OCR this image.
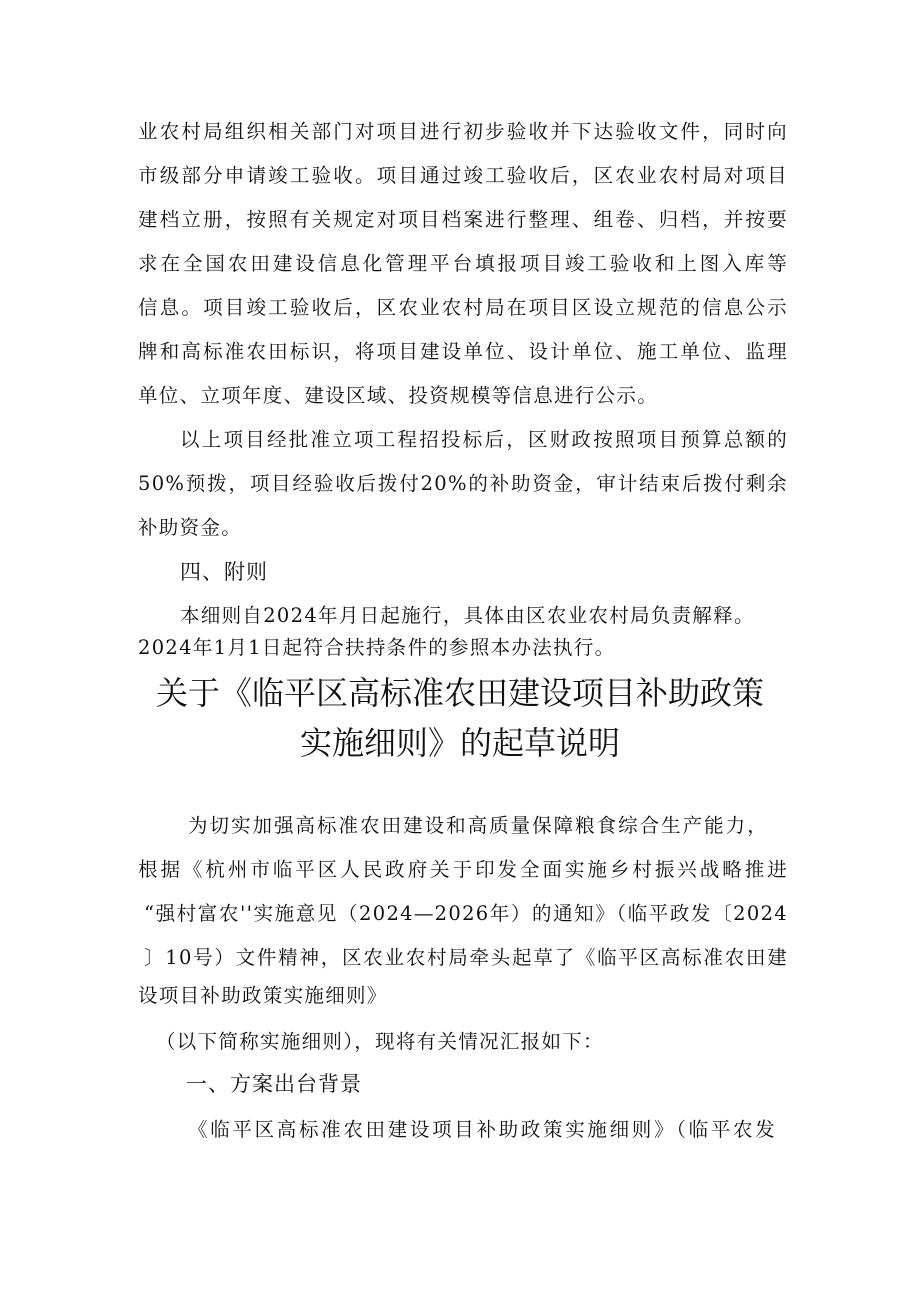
业农村局组织相关部门对项目进行初步验收并下达验收文件，同时向
市级部分申请竣工验收。项目通过竣工验收后，区农业农村局对项目
建档立册，按照有关规定对项目档案进行整理、组卷、归档，并按要
求在全国农田建设信息化管理平台填报项目竣工验收和上图入库等
信息。项目竣工验收后，区农业农村局在项目区设立规范的信息公示
牌和高标准农田标识，将项目建设单位、设计单位、施工单位、监理
单位、立项年度、建设区域、投资规模等信息进行公示。
以上项目经批准立项工程招投标后，区财政按照项目预算总额的
50%预拨，项目经验收后拨付20%的补助资金，审计结束后拨付剩余
补助资金。
四、附则
本细则自2024年月日起施行，具体由区农业农村局负责解释。
2024年1月1日起符合扶持条件的参照本办法执行。
关于《临平区高标准农田建设项目补助政策
实施细则》的起草说明
为切实加强高标准农田建设和高质量保障粮食综合生产能力，
根据《杭州市临平区人民政府关于印发全面实施乡村振兴战略推进
“强村富农''实施意见（2024—2026年）的通知》（临平政发〔2024
〕10号）文件精神，区农业农村局牵头起草了《临平区高标准农田建
设项目补助政策实施细则》
（以下简称实施细则），现将有关情况汇报如下：
一、方案出台背景
《临平区高标准农田建设项目补助政策实施细则》（临平农发
